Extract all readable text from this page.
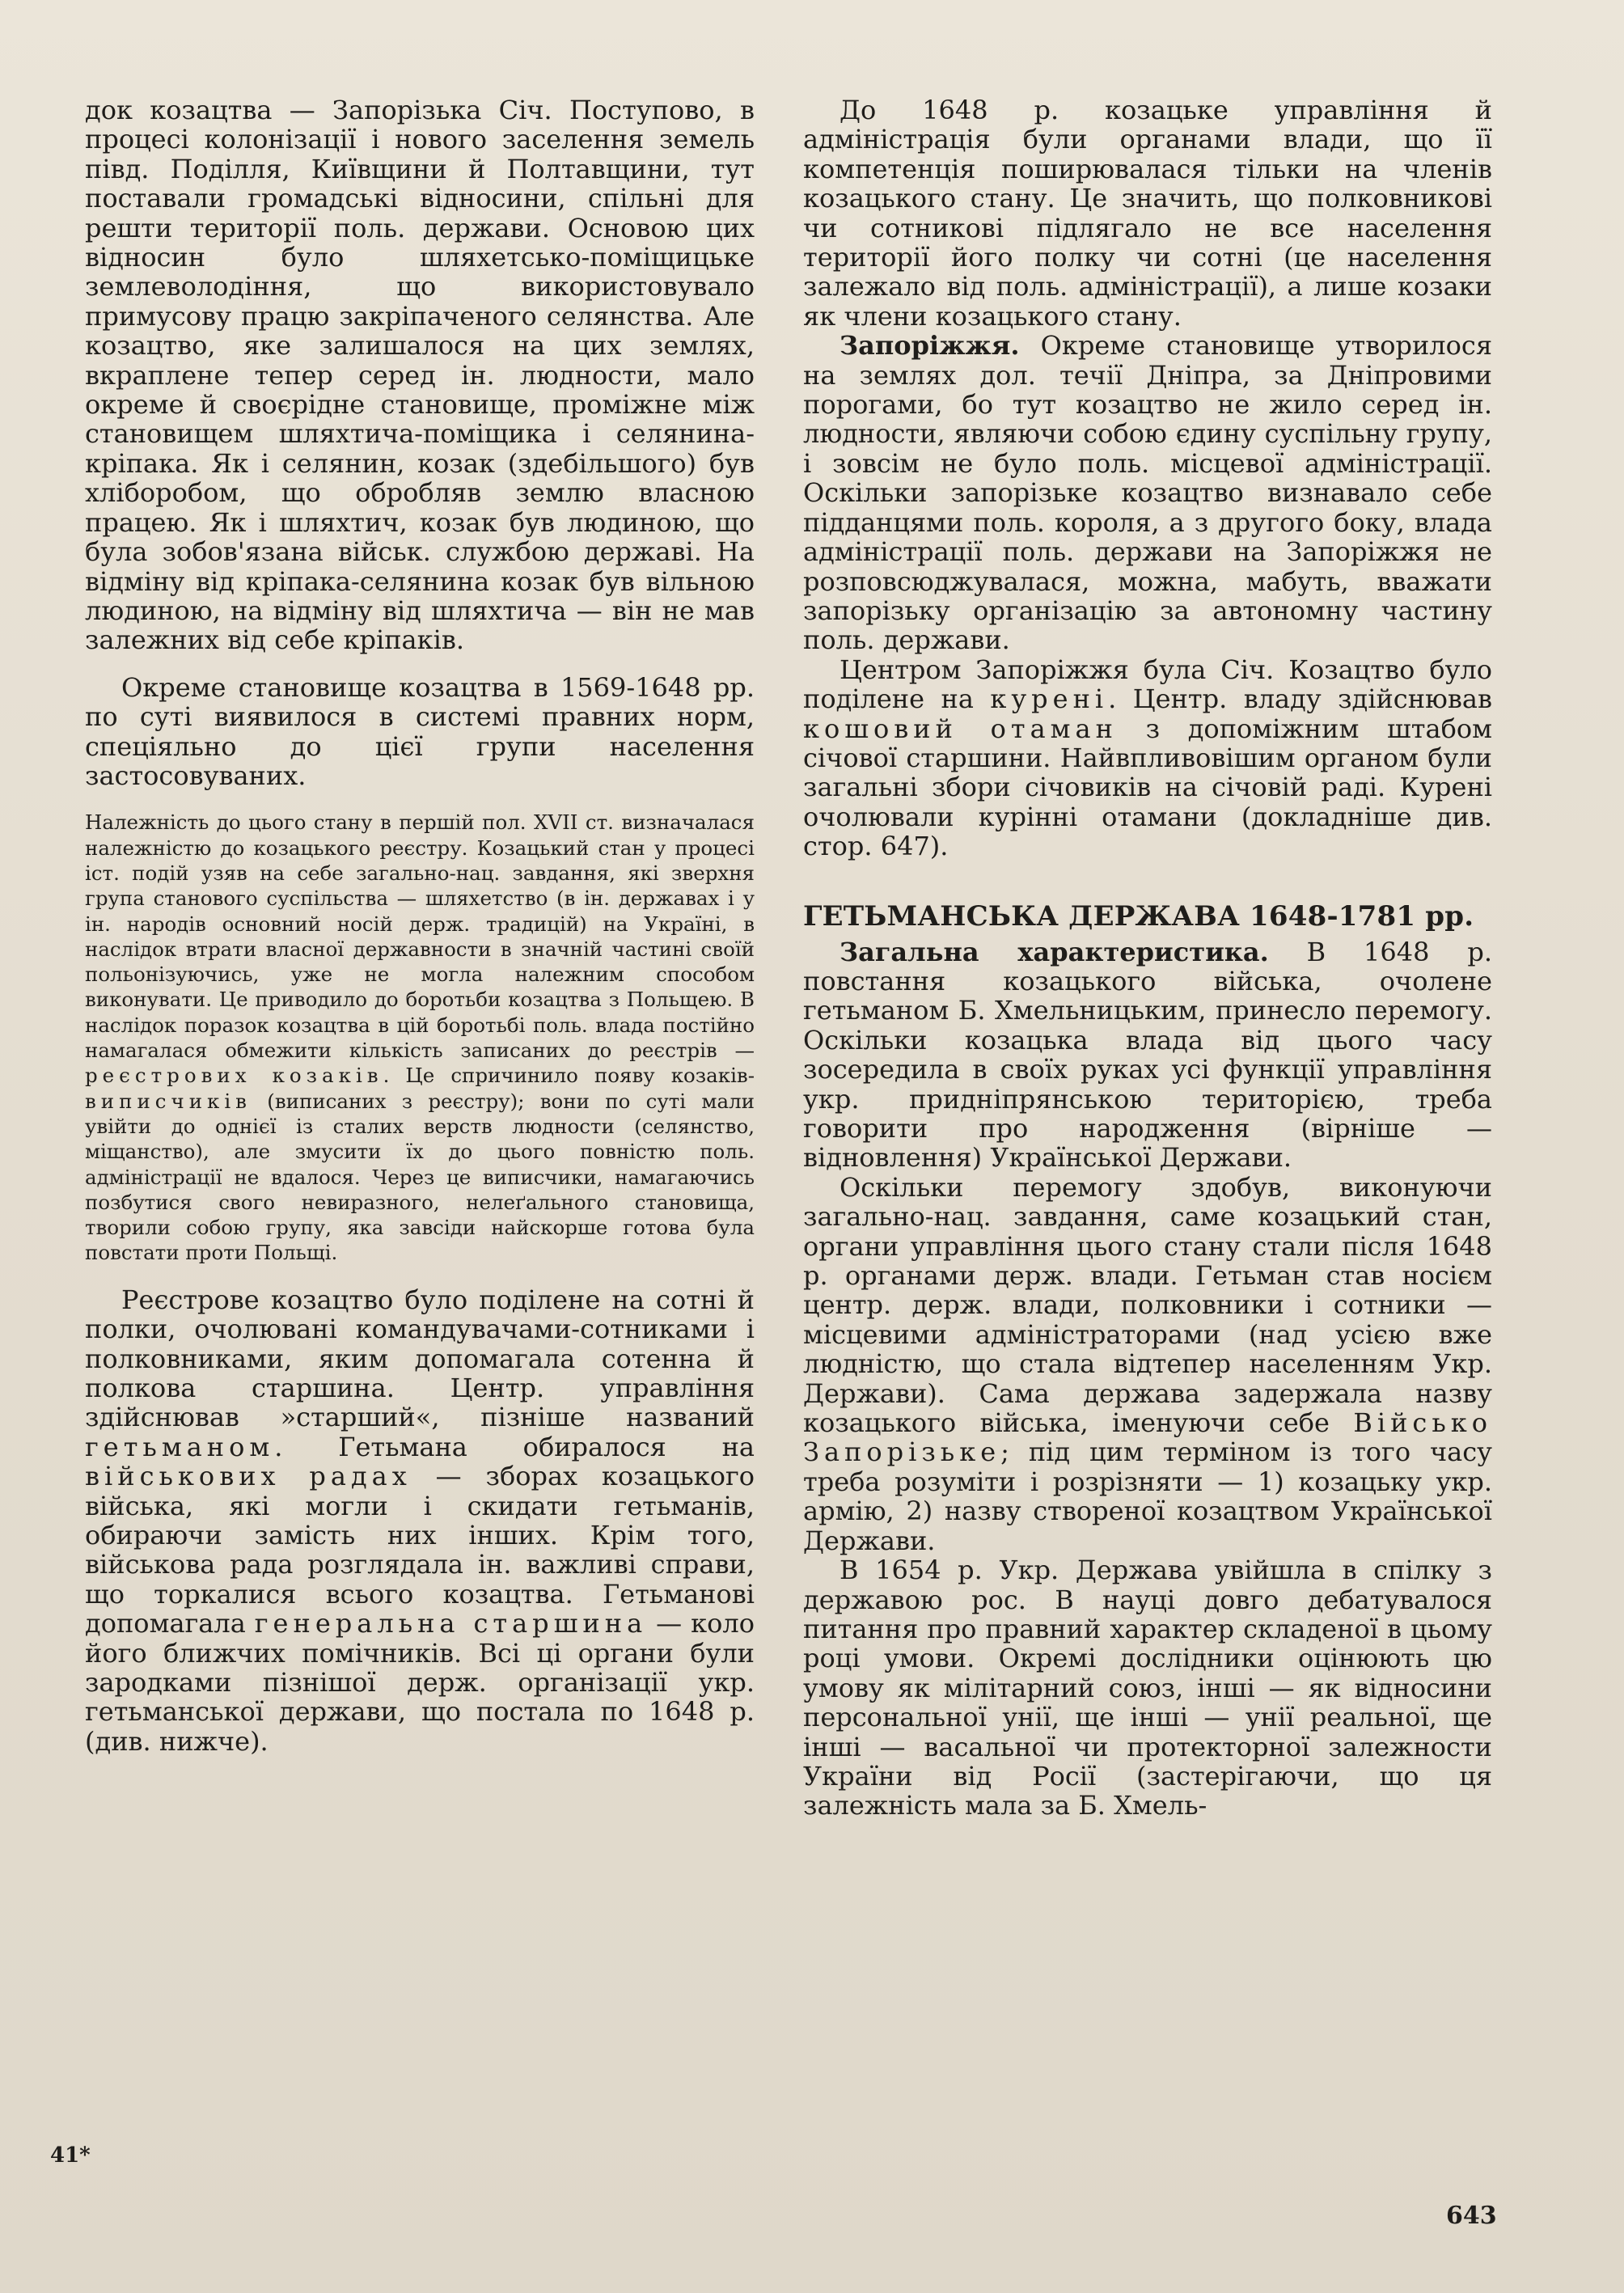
док козацтва — Запорізька Січ. Поступово, в процесі колонізації і нового заселення земель півд. Поділля, Київщини й Полтавщини, тут поставали громадські відносини, спільні для решти території поль. держави. Основою цих відносин було шляхетсько-поміщицьке землеволодіння, що використовувало примусову працю закріпаченого селянства. Але козацтво, яке залишалося на цих землях, вкраплене тепер серед ін. людности, мало окреме й своєрідне становище, проміжне між становищем шляхтича-поміщика і селянина-кріпака. Як і селянин, козак (здебільшого) був хліборобом, що обробляв землю власною працею. Як і шляхтич, козак був людиною, що була зобов'язана військ. службою державі. На відміну від кріпака-селянина козак був вільною людиною, на відміну від шляхтича — він не мав залежних від себе кріпаків.

Окреме становище козацтва в 1569-1648 рр. по суті виявилося в системі правних норм, спеціяльно до цієї групи населення застосовуваних.

Належність до цього стану в першій пол. XVII ст. визначалася належністю до козацького реєстру. Козацький стан у процесі іст. подій узяв на себе загально-нац. завдання, які зверхня група станового суспільства — шляхетство (в ін. державах і у ін. народів основний носій держ. традицій) на Україні, в наслідок втрати власної державности в значній частині своїй польонізуючись, уже не могла належним способом виконувати. Це приводило до боротьби козацтва з Польщею. В наслідок поразок козацтва в цій боротьбі поль. влада постійно намагалася обмежити кількість записаних до реєстрів — реєстрових козаків. Це спричинило появу козаків-виписчиків (виписаних з реєстру); вони по суті мали увійти до однієї із сталих верств людности (селянство, міщанство), але змусити їх до цього повністю поль. адміністрації не вдалося. Через це виписчики, намагаючись позбутися свого невиразного, нелеґального становища, творили собою групу, яка завсіди найскорше готова була повстати проти Польщі.

Реєстрове козацтво було поділене на сотні й полки, очолювані командувачами-сотниками і полковниками, яким допомагала сотенна й полкова старшина. Центр. управління здійснював »старший«, пізніше названий гетьманом. Гетьмана обиралося на військових радах — зборах козацького війська, які могли і скидати гетьманів, обираючи замість них інших. Крім того, військова рада розглядала ін. важливі справи, що торкалися всього козацтва. Гетьманові допомагала генеральна старшина — коло його ближчих помічників. Всі ці органи були зародками пізнішої держ. організації укр. гетьманської держави, що постала по 1648 р. (див. нижче).

До 1648 р. козацьке управління й адміністрація були органами влади, що її компетенція поширювалася тільки на членів козацького стану. Це значить, що полковникові чи сотникові підлягало не все населення території його полку чи сотні (це населення залежало від поль. адміністрації), а лише козаки як члени козацького стану.

Запоріжжя. Окреме становище утворилося на землях дол. течії Дніпра, за Дніпровими порогами, бо тут козацтво не жило серед ін. людности, являючи собою єдину суспільну групу, і зовсім не було поль. місцевої адміністрації. Оскільки запорізьке козацтво визнавало себе підданцями поль. короля, а з другого боку, влада адміністрації поль. держави на Запоріжжя не розповсюджувалася, можна, мабуть, вважати запорізьку організацію за автономну частину поль. держави.

Центром Запоріжжя була Січ. Козацтво було поділене на курені. Центр. владу здійснював кошовий отаман з допоміжним штабом січової старшини. Найвпливовішим органом були загальні збори січовиків на січовій раді. Курені очолювали курінні отамани (докладніше див. стор. 647).

ГЕТЬМАНСЬКА ДЕРЖАВА 1648-1781 рр.

Загальна характеристика. В 1648 р. повстання козацького війська, очолене гетьманом Б. Хмельницьким, принесло перемогу. Оскільки козацька влада від цього часу зосередила в своїх руках усі функції управління укр. придніпрянською територією, треба говорити про народження (вірніше — відновлення) Української Держави.

Оскільки перемогу здобув, виконуючи загально-нац. завдання, саме козацький стан, органи управління цього стану стали після 1648 р. органами держ. влади. Гетьман став носієм центр. держ. влади, полковники і сотники — місцевими адміністраторами (над усією вже людністю, що стала відтепер населенням Укр. Держави). Сама держава задержала назву козацького війська, іменуючи себе Військо Запорізьке; під цим терміном із того часу треба розуміти і розрізняти — 1) козацьку укр. армію, 2) назву створеної козацтвом Української Держави.

В 1654 р. Укр. Держава увійшла в спілку з державою рос. В науці довго дебатувалося питання про правний характер складеної в цьому році умови. Окремі дослідники оцінюють цю умову як мілітарний союз, інші — як відносини персональної унії, ще інші — унії реальної, ще інші — васальної чи протекторної залежности України від Росії (застерігаючи, що ця залежність мала за Б. Хмель-

41*
643
